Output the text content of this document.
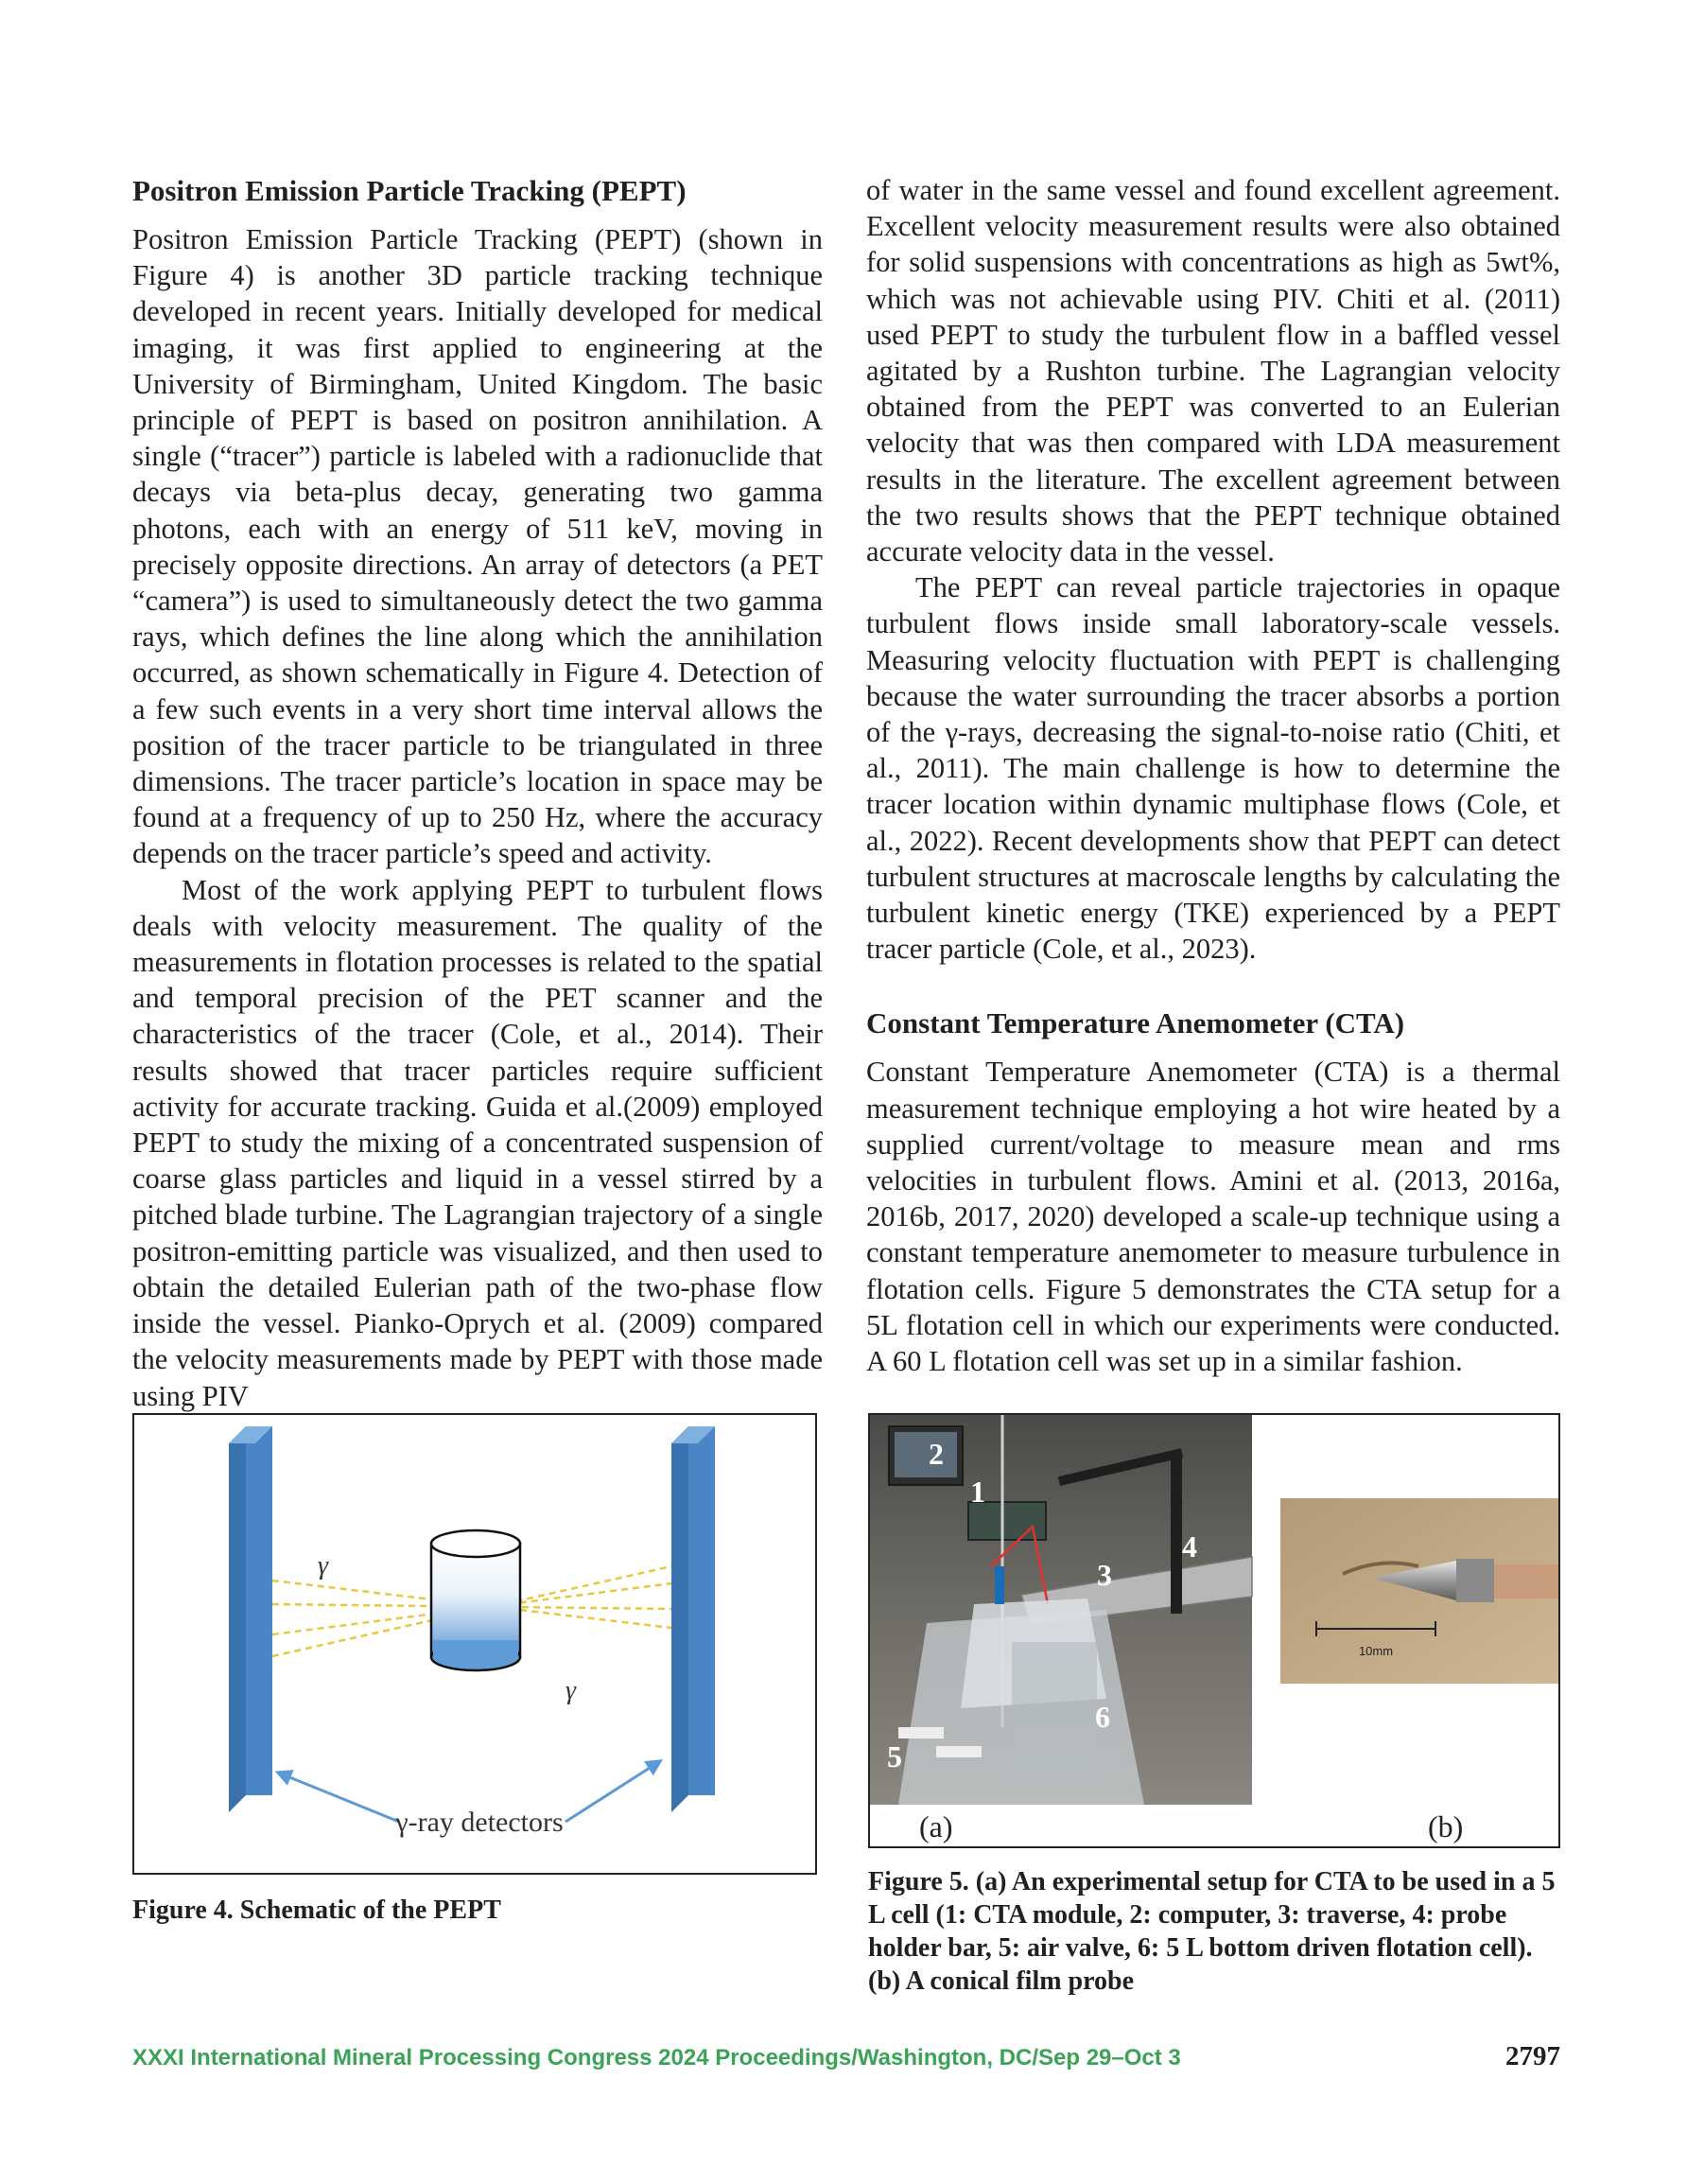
Positron Emission Particle Tracking (PEPT)

Positron Emission Particle Tracking (PEPT) (shown in Figure 4) is another 3D particle tracking technique developed in recent years. Initially developed for medical imaging, it was first applied to engineering at the University of Birmingham, United Kingdom. The basic principle of PEPT is based on positron annihilation. A single (“tracer”) particle is labeled with a radionuclide that decays via beta-plus decay, generating two gamma photons, each with an energy of 511 keV, moving in precisely opposite directions. An array of detectors (a PET “camera”) is used to simultaneously detect the two gamma rays, which defines the line along which the annihilation occurred, as shown schematically in Figure 4. Detection of a few such events in a very short time interval allows the position of the tracer particle to be triangulated in three dimensions. The tracer particle’s location in space may be found at a frequency of up to 250 Hz, where the accuracy depends on the tracer particle’s speed and activity.

Most of the work applying PEPT to turbulent flows deals with velocity measurement. The quality of the measurements in flotation processes is related to the spatial and temporal precision of the PET scanner and the characteristics of the tracer (Cole, et al., 2014). Their results showed that tracer particles require sufficient activity for accurate tracking. Guida et al.(2009) employed PEPT to study the mixing of a concentrated suspension of coarse glass particles and liquid in a vessel stirred by a pitched blade turbine. The Lagrangian trajectory of a single positron-emitting particle was visualized, and then used to obtain the detailed Eulerian path of the two-phase flow inside the vessel. Pianko-Oprych et al. (2009) compared the velocity measurements made by PEPT with those made using PIV

of water in the same vessel and found excellent agreement. Excellent velocity measurement results were also obtained for solid suspensions with concentrations as high as 5wt%, which was not achievable using PIV. Chiti et al. (2011) used PEPT to study the turbulent flow in a baffled vessel agitated by a Rushton turbine. The Lagrangian velocity obtained from the PEPT was converted to an Eulerian velocity that was then compared with LDA measurement results in the literature. The excellent agreement between the two results shows that the PEPT technique obtained accurate velocity data in the vessel.

The PEPT can reveal particle trajectories in opaque turbulent flows inside small laboratory-scale vessels. Measuring velocity fluctuation with PEPT is challenging because the water surrounding the tracer absorbs a portion of the γ-rays, decreasing the signal-to-noise ratio (Chiti, et al., 2011). The main challenge is how to determine the tracer location within dynamic multiphase flows (Cole, et al., 2022). Recent developments show that PEPT can detect turbulent structures at macroscale lengths by calculating the turbulent kinetic energy (TKE) experienced by a PEPT tracer particle (Cole, et al., 2023).

Constant Temperature Anemometer (CTA)

Constant Temperature Anemometer (CTA) is a thermal measurement technique employing a hot wire heated by a supplied current/voltage to measure mean and rms velocities in turbulent flows. Amini et al. (2013, 2016a, 2016b, 2017, 2020) developed a scale-up technique using a constant temperature anemometer to measure turbulence in flotation cells. Figure 5 demonstrates the CTA setup for a 5L flotation cell in which our experiments were conducted. A 60 L flotation cell was set up in a similar fashion.

γ
γ
γ-ray detectors
Figure 4. Schematic of the PEPT
2
1
3
4
5
6
10mm
(a)	(b)
Figure 5. (a) An experimental setup for CTA to be used in a 5 L cell (1: CTA module, 2: computer, 3: traverse, 4: probe holder bar, 5: air valve, 6: 5 L bottom driven flotation cell). (b) A conical film probe
XXXI International Mineral Processing Congress 2024 Proceedings/Washington, DC/Sep 29–Oct 3	2797
